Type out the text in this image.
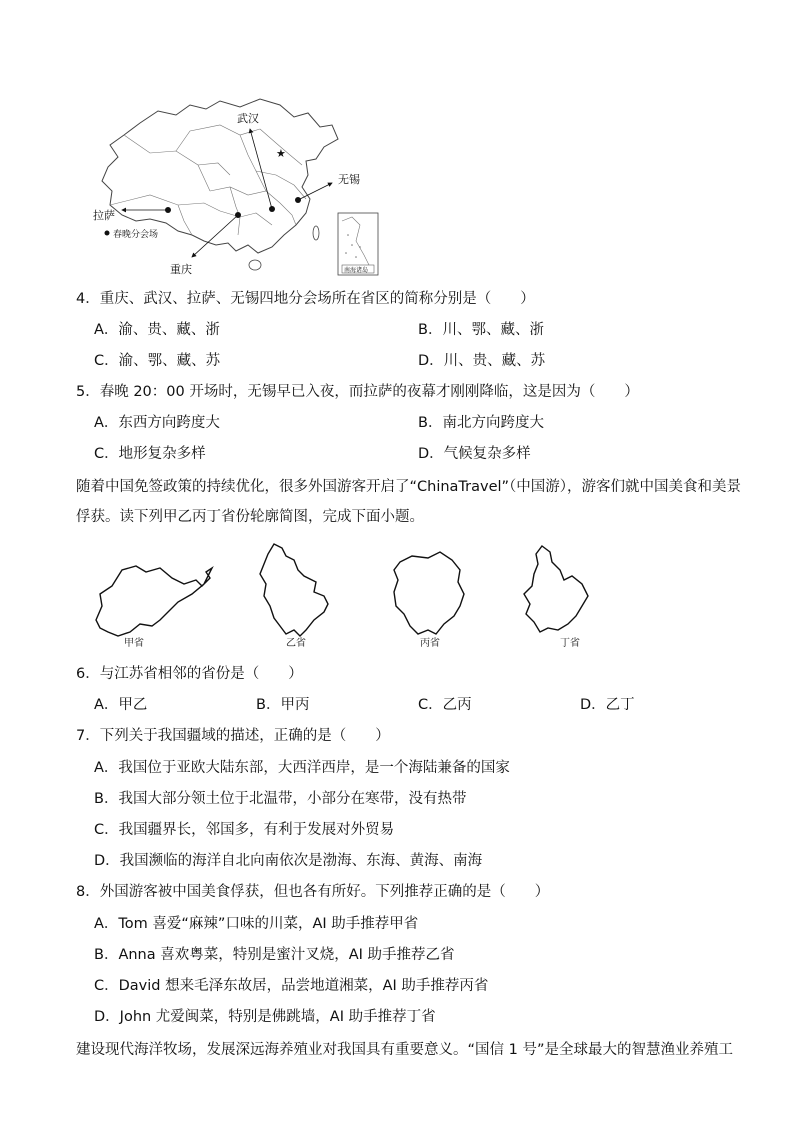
★
武汉
无锡
拉萨
重庆
春晚分会场
南海诸岛
4．重庆、武汉、拉萨、无锡四地分会场所在省区的简称分别是（　　）
A．渝、贵、藏、浙	B．川、鄂、藏、浙
C．渝、鄂、藏、苏	D．川、贵、藏、苏
5．春晚 20：00 开场时，无锡早已入夜，而拉萨的夜幕才刚刚降临，这是因为（　　）
A．东西方向跨度大	B．南北方向跨度大
C．地形复杂多样	D．气候复杂多样
随着中国免签政策的持续优化，很多外国游客开启了“ChinaTravel”（中国游），游客们就中国美食和美景
俘获。读下列甲乙丙丁省份轮廓简图，完成下面小题。
甲省	乙省	丙省	丁省
6．与江苏省相邻的省份是（　　）
A．甲乙	B．甲丙	C．乙丙	D．乙丁
7．下列关于我国疆域的描述，正确的是（　　）
A．我国位于亚欧大陆东部，大西洋西岸，是一个海陆兼备的国家
B．我国大部分领土位于北温带，小部分在寒带，没有热带
C．我国疆界长，邻国多，有利于发展对外贸易
D．我国濒临的海洋自北向南依次是渤海、东海、黄海、南海
8．外国游客被中国美食俘获，但也各有所好。下列推荐正确的是（　　）
A．Tom 喜爱“麻辣”口味的川菜，AI 助手推荐甲省
B．Anna 喜欢粤菜，特别是蜜汁叉烧，AI 助手推荐乙省
C．David 想来毛泽东故居，品尝地道湘菜，AI 助手推荐丙省
D．John 尤爱闽菜，特别是佛跳墙，AI 助手推荐丁省
建设现代海洋牧场，发展深远海养殖业对我国具有重要意义。“国信 1 号”是全球最大的智慧渔业养殖工
